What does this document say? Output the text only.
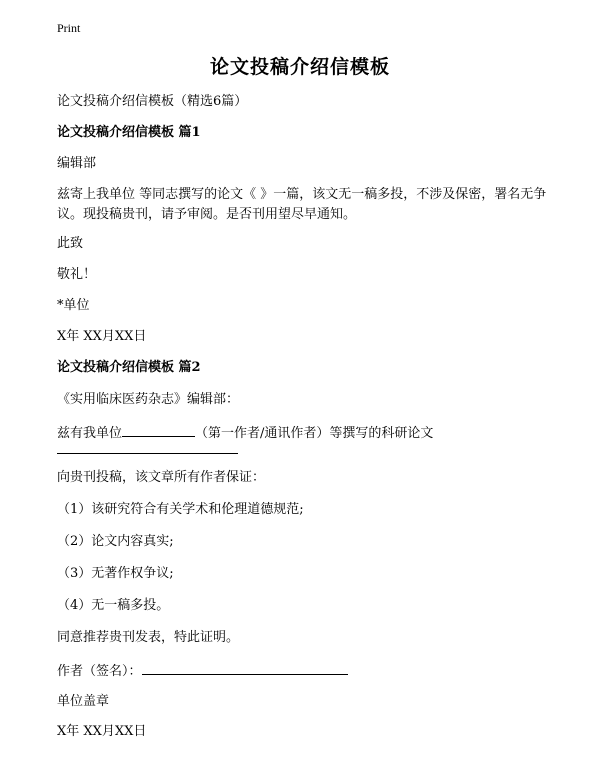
Print
论文投稿介绍信模板
论文投稿介绍信模板（精选6篇）
论文投稿介绍信模板 篇1
编辑部
兹寄上我单位 等同志撰写的论文《 》一篇，该文无一稿多投，不涉及保密，署名无争议。现投稿贵刊，请予审阅。是否刊用望尽早通知。
此致
敬礼！
*单位
X年 XX月XX日
论文投稿介绍信模板 篇2
《实用临床医药杂志》编辑部：
兹有我单位	（第一作者/通讯作者）等撰写的科研论文
向贵刊投稿，该文章所有作者保证：
（1）该研究符合有关学术和伦理道德规范;
（2）论文内容真实;
（3）无著作权争议;
（4）无一稿多投。
同意推荐贵刊发表，特此证明。
作者（签名）：
单位盖章
X年 XX月XX日
